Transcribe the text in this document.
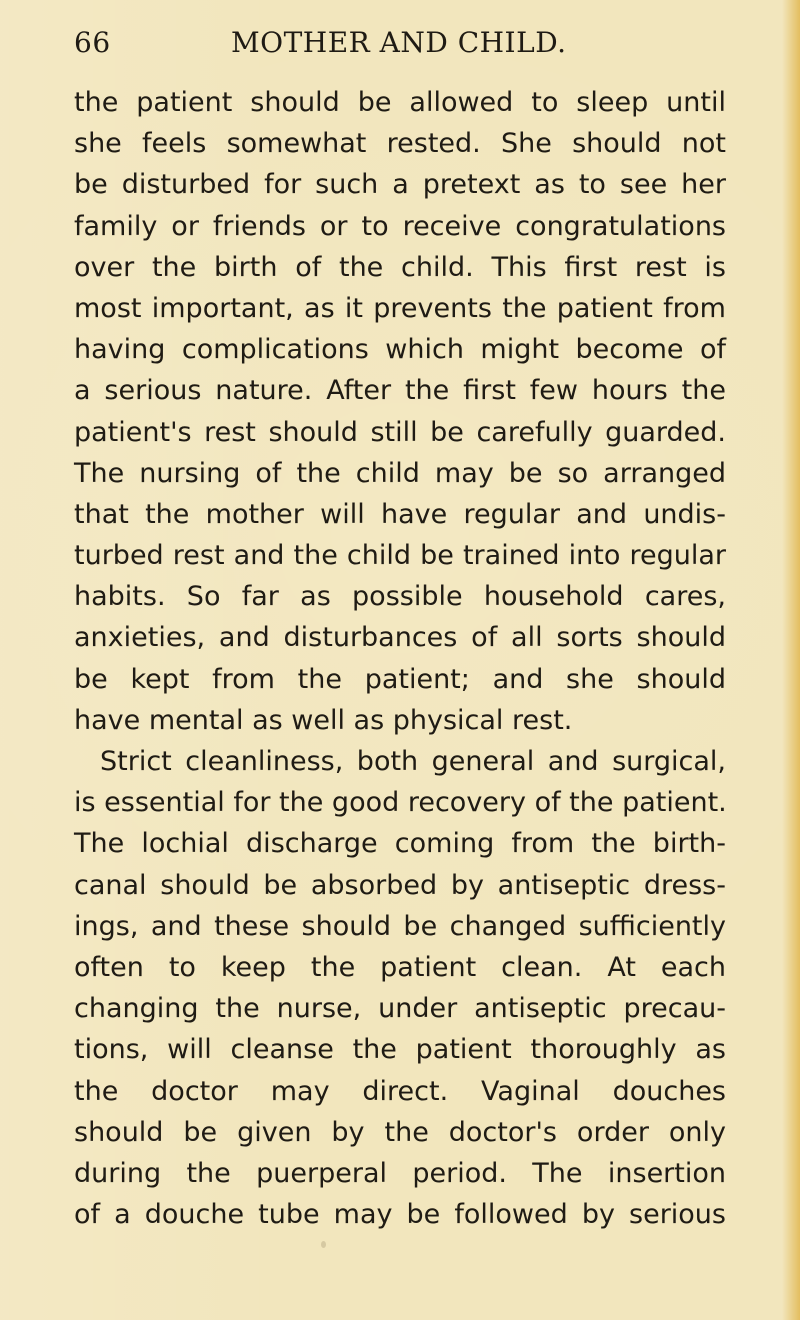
66	MOTHER AND CHILD.
the patient should be allowed to sleep until
she feels somewhat rested. She should not
be disturbed for such a pretext as to see her
family or friends or to receive congratulations
over the birth of the child. This first rest is
most important, as it prevents the patient from
having complications which might become of
a serious nature. After the first few hours the
patient's rest should still be carefully guarded.
The nursing of the child may be so arranged
that the mother will have regular and undis-
turbed rest and the child be trained into regular
habits. So far as possible household cares,
anxieties, and disturbances of all sorts should
be kept from the patient; and she should
have mental as well as physical rest.
Strict cleanliness, both general and surgical,
is essential for the good recovery of the patient.
The lochial discharge coming from the birth-
canal should be absorbed by antiseptic dress-
ings, and these should be changed sufficiently
often to keep the patient clean. At each
changing the nurse, under antiseptic precau-
tions, will cleanse the patient thoroughly as
the doctor may direct. Vaginal douches
should be given by the doctor's order only
during the puerperal period. The insertion
of a douche tube may be followed by serious
